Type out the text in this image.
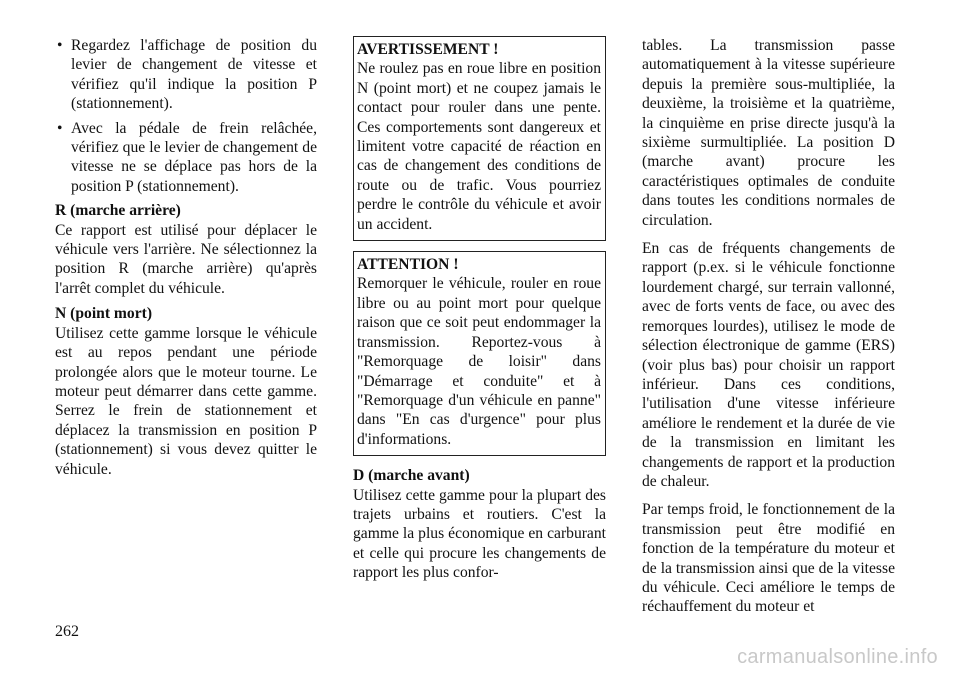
• Regardez l'affichage de position du levier de changement de vitesse et vérifiez qu'il indique la position P (stationnement).
• Avec la pédale de frein relâchée, vérifiez que le levier de changement de vitesse ne se déplace pas hors de la position P (stationnement).

R (marche arrière)

Ce rapport est utilisé pour déplacer le véhicule vers l'arrière. Ne sélectionnez la position R (marche arrière) qu'après l'arrêt complet du véhicule.

N (point mort)

Utilisez cette gamme lorsque le véhicule est au repos pendant une période prolongée alors que le moteur tourne. Le moteur peut démarrer dans cette gamme. Serrez le frein de stationnement et déplacez la transmission en position P (stationnement) si vous devez quitter le véhicule.

AVERTISSEMENT !

Ne roulez pas en roue libre en position N (point mort) et ne coupez jamais le contact pour rouler dans une pente. Ces comportements sont dangereux et limitent votre capacité de réaction en cas de changement des conditions de route ou de trafic. Vous pourriez perdre le contrôle du véhicule et avoir un accident.

ATTENTION !

Remorquer le véhicule, rouler en roue libre ou au point mort pour quelque raison que ce soit peut endommager la transmission. Reportez-vous à "Remorquage de loisir" dans "Démarrage et conduite" et à "Remorquage d'un véhicule en panne" dans "En cas d'urgence" pour plus d'informations.

D (marche avant)

Utilisez cette gamme pour la plupart des trajets urbains et routiers. C'est la gamme la plus économique en carburant et celle qui procure les changements de rapport les plus confor-

tables. La transmission passe automatiquement à la vitesse supérieure depuis la première sous-multipliée, la deuxième, la troisième et la quatrième, la cinquième en prise directe jusqu'à la sixième surmultipliée. La position D (marche avant) procure les caractéristiques optimales de conduite dans toutes les conditions normales de circulation.

En cas de fréquents changements de rapport (p.ex. si le véhicule fonctionne lourdement chargé, sur terrain vallonné, avec de forts vents de face, ou avec des remorques lourdes), utilisez le mode de sélection électronique de gamme (ERS) (voir plus bas) pour choisir un rapport inférieur. Dans ces conditions, l'utilisation d'une vitesse inférieure améliore le rendement et la durée de vie de la transmission en limitant les changements de rapport et la production de chaleur.

Par temps froid, le fonctionnement de la transmission peut être modifié en fonction de la température du moteur et de la transmission ainsi que de la vitesse du véhicule. Ceci améliore le temps de réchauffement du moteur et

262
carmanualsonline.info
